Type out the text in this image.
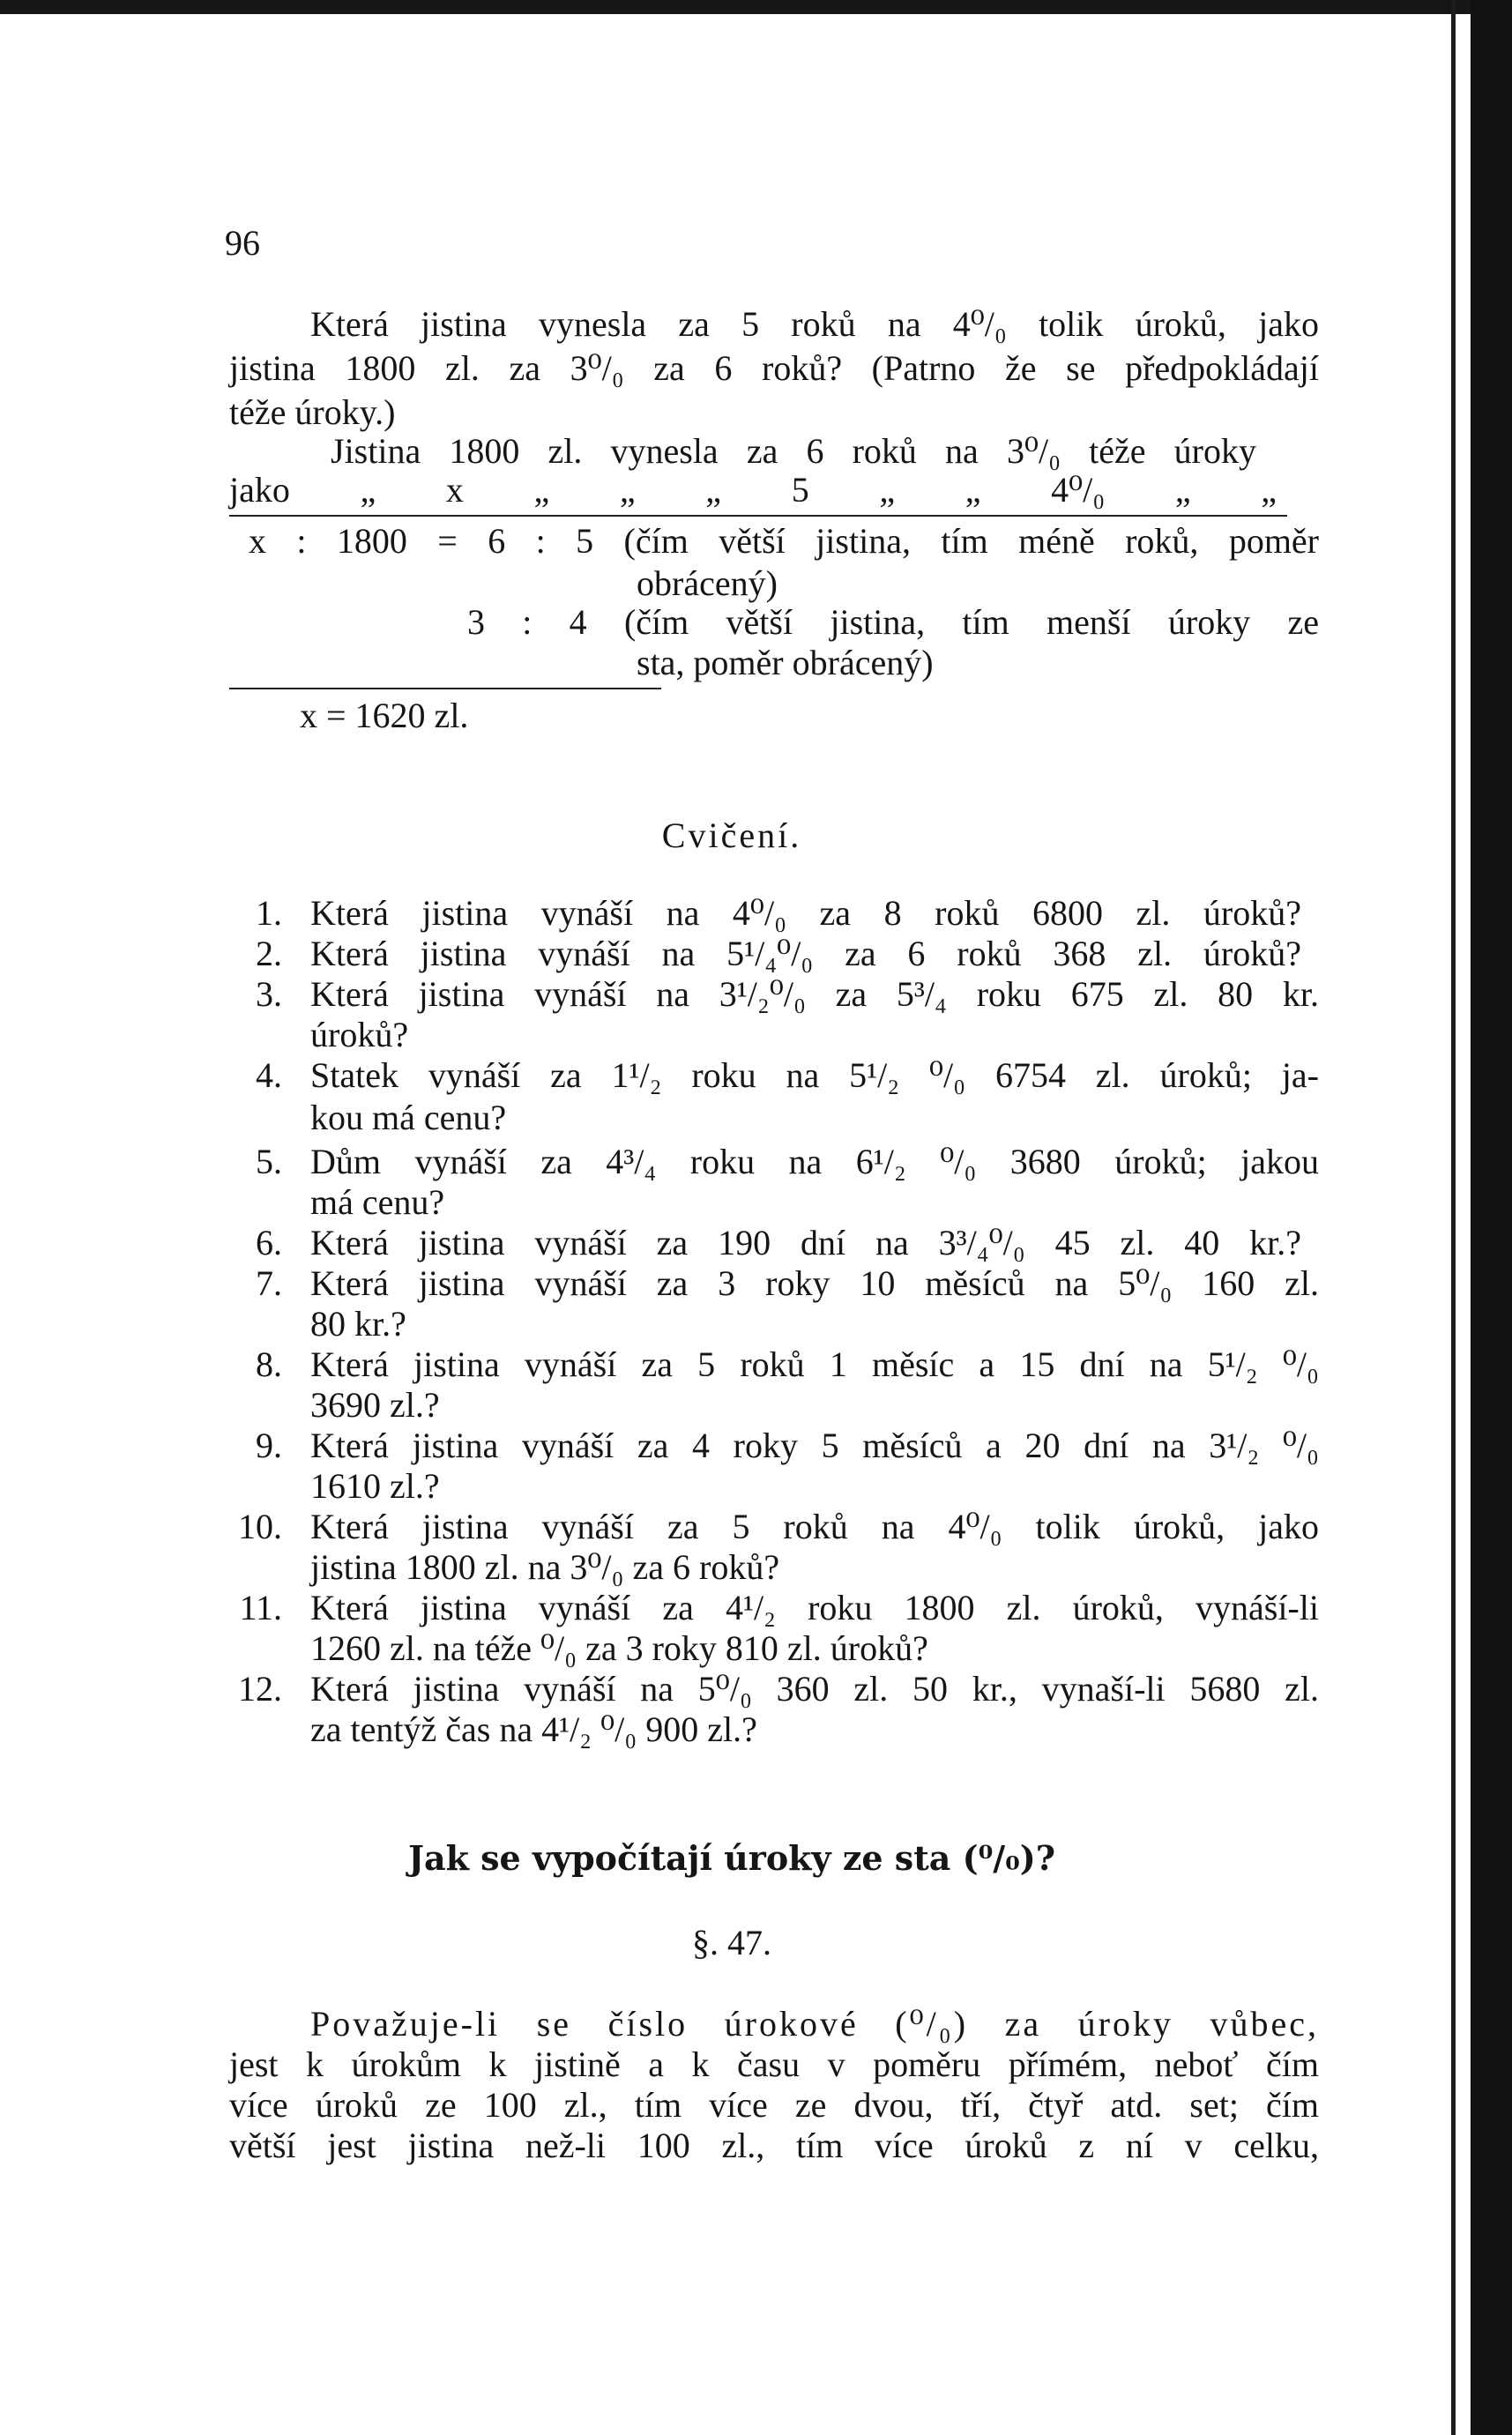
96

Která jistina vynesla za 5 roků na 4⁰/₀ tolik úroků, jako

jistina 1800 zl. za 3⁰/₀ za 6 roků? (Patrno že se předpokládají

téže úroky.)

Jistina 1800 zl. vynesla za 6 roků na 3⁰/₀ téže úroky

jako „ x „ „ „ 5 „ „ 4⁰/₀ „ „

x : 1800 = 6 : 5 (čím větší jistina, tím méně roků, poměr

obrácený)

3 : 4 (čím větší jistina, tím menší úroky ze

sta, poměr obrácený)

x = 1620 zl.

Cvičení.

1. Která jistina vynáší na 4⁰/₀ za 8 roků 6800 zl. úroků?

2. Která jistina vynáší na 5¹/₄⁰/₀ za 6 roků 368 zl. úroků?

3. Která jistina vynáší na 3¹/₂⁰/₀ za 5³/₄ roku 675 zl. 80 kr.

úroků?

4. Statek vynáší za 1¹/₂ roku na 5¹/₂ ⁰/₀ 6754 zl. úroků; ja-

kou má cenu?

5. Dům vynáší za 4³/₄ roku na 6¹/₂ ⁰/₀ 3680 úroků; jakou

má cenu?

6. Která jistina vynáší za 190 dní na 3³/₄⁰/₀ 45 zl. 40 kr.?

7. Která jistina vynáší za 3 roky 10 měsíců na 5⁰/₀ 160 zl.

80 kr.?

8. Která jistina vynáší za 5 roků 1 měsíc a 15 dní na 5¹/₂ ⁰/₀

3690 zl.?

9. Která jistina vynáší za 4 roky 5 měsíců a 20 dní na 3¹/₂ ⁰/₀

1610 zl.?

10. Která jistina vynáší za 5 roků na 4⁰/₀ tolik úroků, jako

jistina 1800 zl. na 3⁰/₀ za 6 roků?

11. Která jistina vynáší za 4¹/₂ roku 1800 zl. úroků, vynáší-li

1260 zl. na téže ⁰/₀ za 3 roky 810 zl. úroků?

12. Která jistina vynáší na 5⁰/₀ 360 zl. 50 kr., vynaší-li 5680 zl.

za tentýž čas na 4¹/₂ ⁰/₀ 900 zl.?

Jak se vypočítají úroky ze sta (⁰/₀)?

§. 47.

Považuje-li se číslo úrokové (⁰/₀) za úroky vůbec,

jest k úrokům k jistině a k času v poměru přímém, neboť čím

více úroků ze 100 zl., tím více ze dvou, tří, čtyř atd. set; čím

větší jest jistina než-li 100 zl., tím více úroků z ní v celku,
